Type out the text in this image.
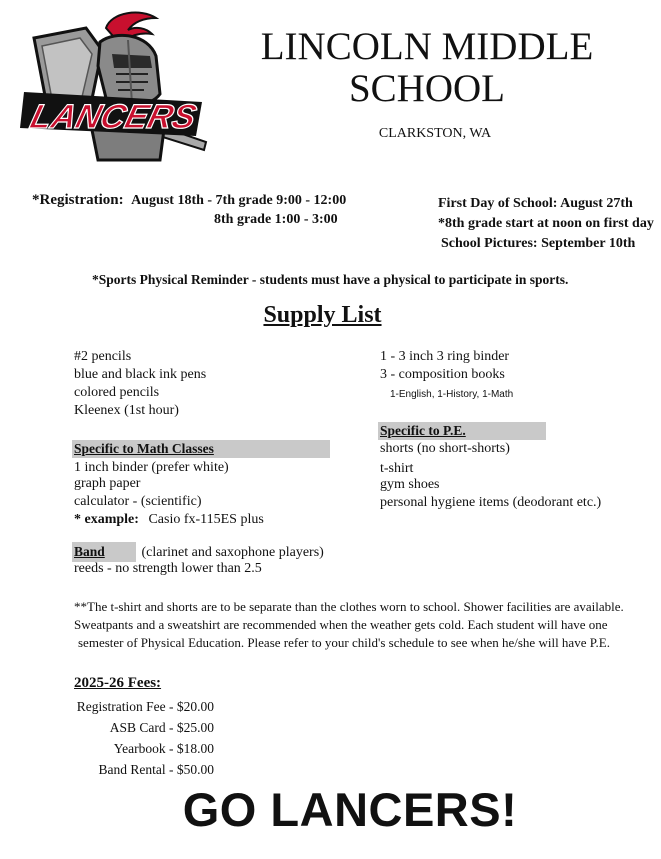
LANCERS
LINCOLN MIDDLE
SCHOOL
CLARKSTON, WA
*Registration: August 18th - 7th grade 9:00 - 12:00
8th grade 1:00 - 3:00
First Day of School: August 27th
*8th grade start at noon on first day
School Pictures: September 10th
*Sports Physical Reminder - students must have a physical to participate in sports.
Supply List
#2 pencils
blue and black ink pens
colored pencils
Kleenex (1st hour)
Specific to Math Classes
1 inch binder (prefer white)
graph paper
calculator - (scientific)
* example: Casio fx-115ES plus
Band	(clarinet and saxophone players)
reeds - no strength lower than 2.5
1 - 3 inch 3 ring binder
3 - composition books
1-English, 1-History, 1-Math
Specific to P.E.
shorts (no short-shorts)
t-shirt
gym shoes
personal hygiene items (deodorant etc.)
**The t-shirt and shorts are to be separate than the clothes worn to school. Shower facilities are available.
Sweatpants and a sweatshirt are recommended when the weather gets cold. Each student will have one
semester of Physical Education. Please refer to your child's schedule to see when he/she will have P.E.
2025-26 Fees:
Registration Fee - $20.00
ASB Card - $25.00
Yearbook - $18.00
Band Rental - $50.00
GO LANCERS!
